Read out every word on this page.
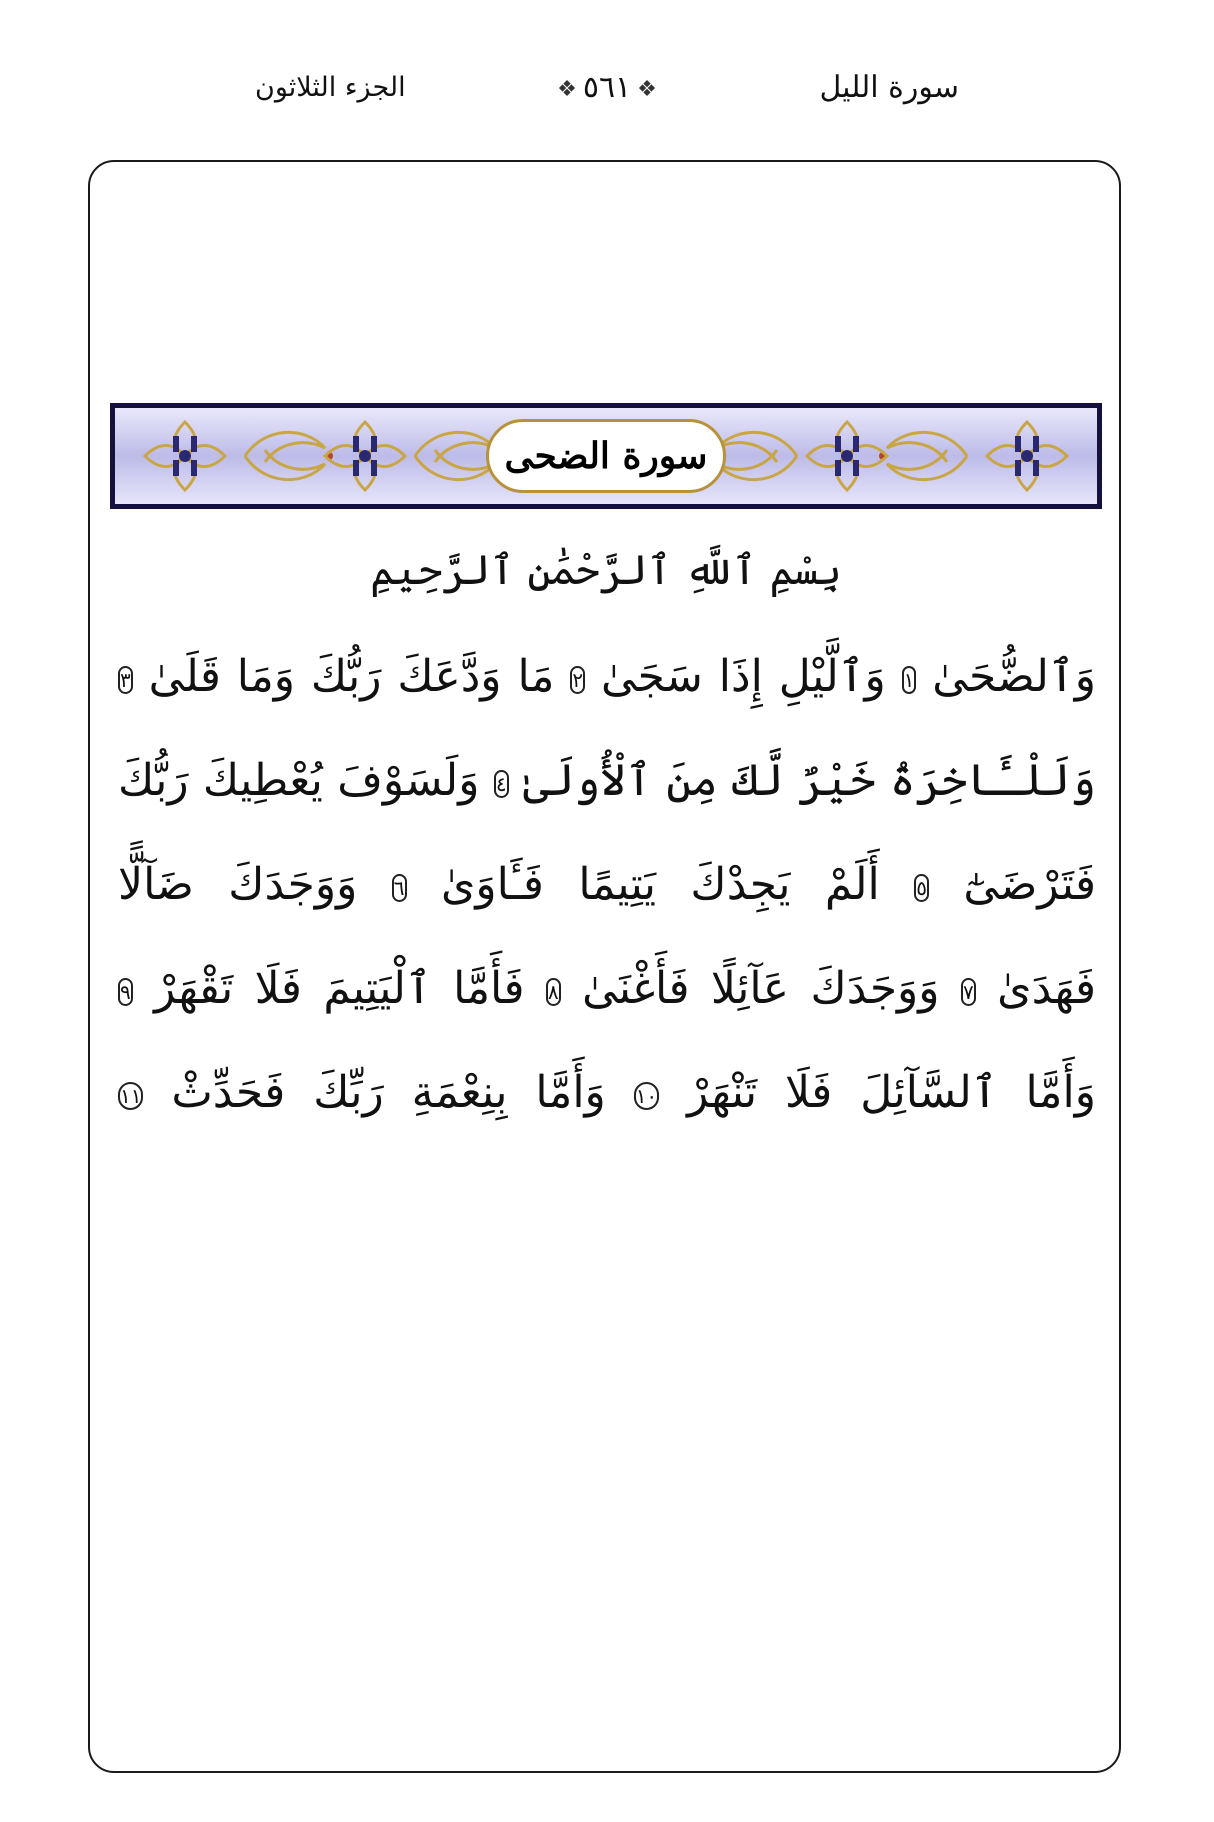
الجزء الثلاثون	❖٥٦١❖	سورة الليل
سورة الضحى
بِسْمِ ٱللَّهِ ٱلرَّحْمَٰنِ ٱلرَّحِيمِ
وَٱلضُّحَىٰ ١ وَٱلَّيْلِ إِذَا سَجَىٰ ٢ مَا وَدَّعَكَ رَبُّكَ وَمَا قَلَىٰ ٣
وَلَلْـَٔاخِرَةُ خَيْرٌ لَّكَ مِنَ ٱلْأُولَىٰ ٤ وَلَسَوْفَ يُعْطِيكَ رَبُّكَ
فَتَرْضَىٰٓ ٥ أَلَمْ يَجِدْكَ يَتِيمًا فَـَٔاوَىٰ ٦ وَوَجَدَكَ ضَآلًّا
فَهَدَىٰ ٧ وَوَجَدَكَ عَآئِلًا فَأَغْنَىٰ ٨ فَأَمَّا ٱلْيَتِيمَ فَلَا تَقْهَرْ ٩
وَأَمَّا ٱلسَّآئِلَ فَلَا تَنْهَرْ ١٠ وَأَمَّا بِنِعْمَةِ رَبِّكَ فَحَدِّثْ ١١
